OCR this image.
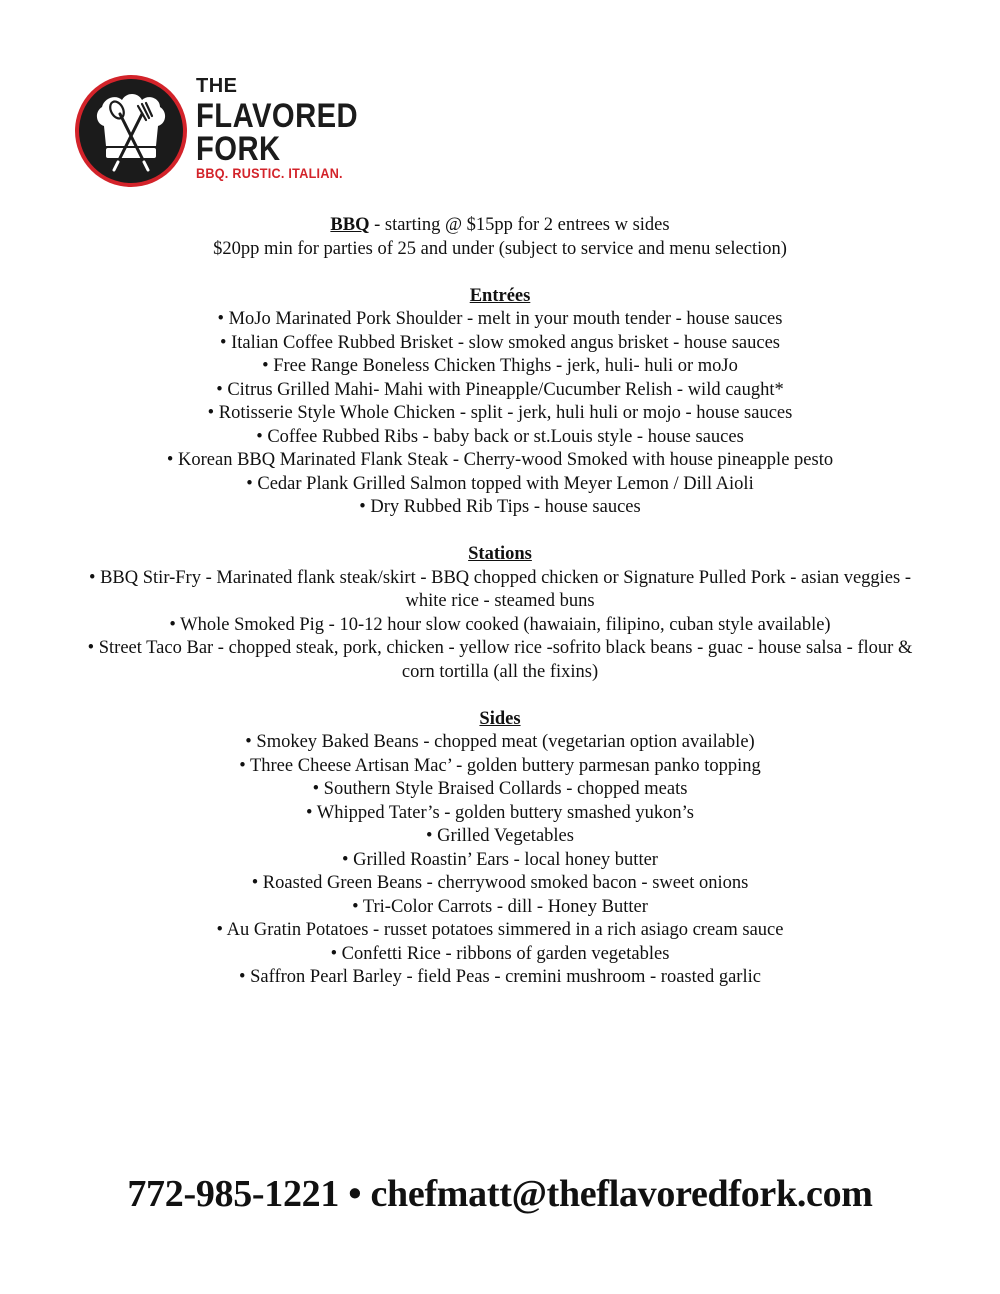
THE
FLAVORED
FORK
BBQ. RUSTIC. ITALIAN.

BBQ - starting @ $15pp for 2 entrees w sides

$20pp min for parties of 25 and under (subject to service and menu selection)

Entrées

• MoJo Marinated Pork Shoulder - melt in your mouth tender - house sauces

• Italian Coffee Rubbed Brisket - slow smoked angus brisket - house sauces

• Free Range Boneless Chicken Thighs - jerk, huli- huli or moJo

• Citrus Grilled Mahi- Mahi with Pineapple/Cucumber Relish - wild caught*

• Rotisserie Style Whole Chicken - split - jerk, huli huli or mojo - house sauces

• Coffee Rubbed Ribs - baby back or st.Louis style - house sauces

• Korean BBQ Marinated Flank Steak - Cherry-wood Smoked with house pineapple pesto

• Cedar Plank Grilled Salmon topped with Meyer Lemon / Dill Aioli

• Dry Rubbed Rib Tips - house sauces

Stations

• BBQ Stir-Fry - Marinated flank steak/skirt - BBQ chopped chicken or Signature Pulled Pork - asian veggies - white rice - steamed buns

• Whole Smoked Pig - 10-12 hour slow cooked (hawaiain, filipino, cuban style available)

• Street Taco Bar - chopped steak, pork, chicken - yellow rice -sofrito black beans - guac - house salsa - flour & corn tortilla (all the fixins)

Sides

• Smokey Baked Beans - chopped meat (vegetarian option available)

• Three Cheese Artisan Mac’ - golden buttery parmesan panko topping

• Southern Style Braised Collards - chopped meats

• Whipped Tater’s - golden buttery smashed yukon’s

• Grilled Vegetables

• Grilled Roastin’ Ears - local honey butter

• Roasted Green Beans - cherrywood smoked bacon - sweet onions

• Tri-Color Carrots - dill - Honey Butter

• Au Gratin Potatoes - russet potatoes simmered in a rich asiago cream sauce

• Confetti Rice - ribbons of garden vegetables

• Saffron Pearl Barley - field Peas - cremini mushroom - roasted garlic

772-985-1221 • chefmatt@theflavoredfork.com
